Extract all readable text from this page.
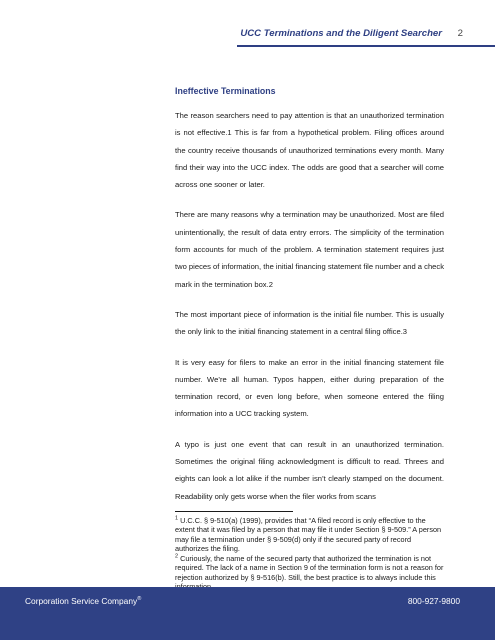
UCC Terminations and the Diligent Searcher 2
Ineffective Terminations

The reason searchers need to pay attention is that an unauthorized termination is not effective.1 This is far from a hypothetical problem. Filing offices around the country receive thousands of unauthorized terminations every month. Many find their way into the UCC index. The odds are good that a searcher will come across one sooner or later.

There are many reasons why a termination may be unauthorized. Most are filed unintentionally, the result of data entry errors. The simplicity of the termination form accounts for much of the problem. A termination statement requires just two pieces of information, the initial financing statement file number and a check mark in the termination box.2

The most important piece of information is the initial file number. This is usually the only link to the initial financing statement in a central filing office.3

It is very easy for filers to make an error in the initial financing statement file number. We’re all human. Typos happen, either during preparation of the termination record, or even long before, when someone entered the filing information into a UCC tracking system.

A typo is just one event that can result in an unauthorized termination. Sometimes the original filing acknowledgment is difficult to read. Threes and eights can look a lot alike if the number isn’t clearly stamped on the document. Readability only gets worse when the filer works from scans

$^1$ U.C.C. § 9-510(a) (1999), provides that “A filed record is only effective to the extent that it was filed by a person that may file it under Section § 9-509.” A person may file a termination under § 9-509(d) only if the secured party of record authorizes the filing.

$^2$ Curiously, the name of the secured party that authorized the termination is not required. The lack of a name in Section 9 of the termination form is not a reason for rejection authorized by § 9-516(b). Still, the best practice is to always include this

Corporation Service Company®	800-927-9800
